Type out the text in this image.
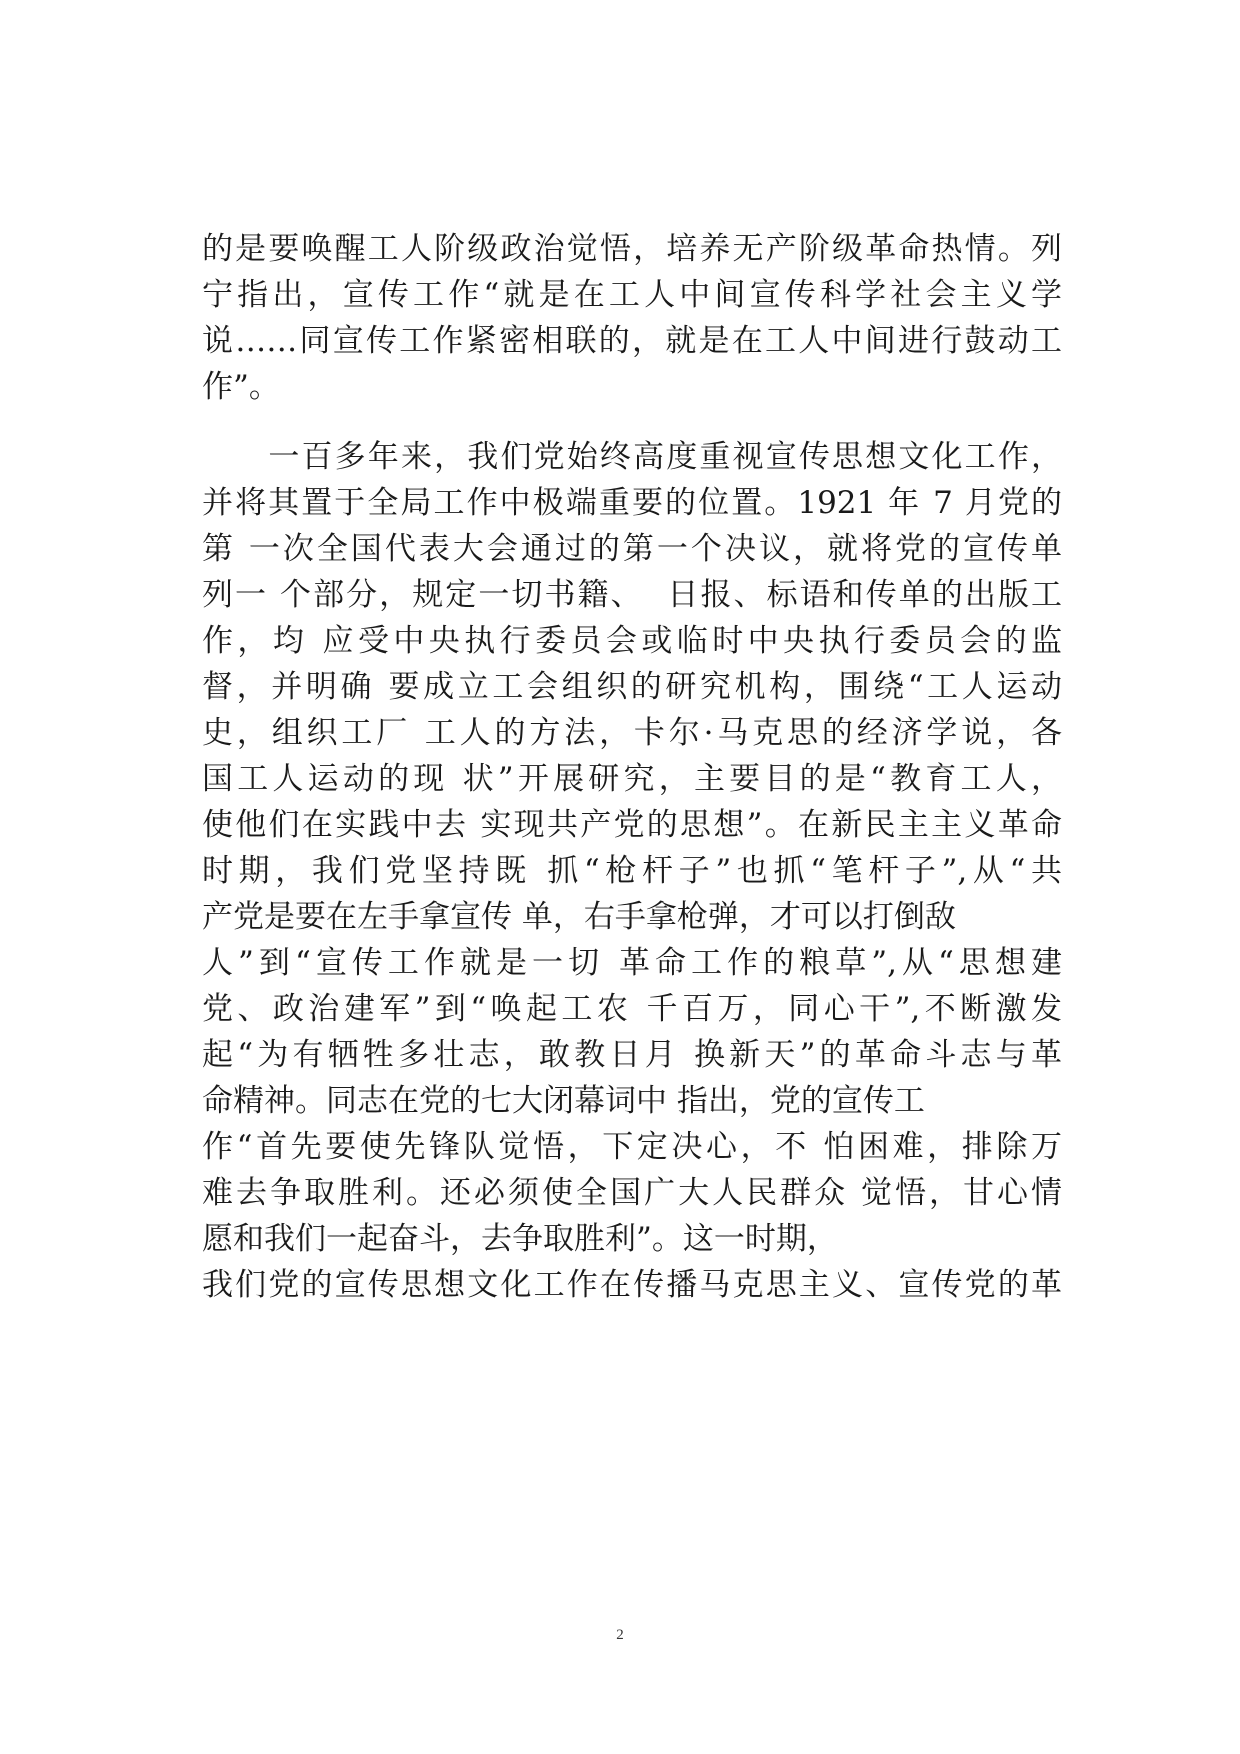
的是要唤醒工人阶级政治觉悟，培养无产阶级革命热情。列
宁指出，宣传工作“就是在工人中间宣传科学社会主义学
说……同宣传工作紧密相联的，就是在工人中间进行鼓动工
作”。
　　一百多年来，我们党始终高度重视宣传思想文化工作，
并将其置于全局工作中极端重要的位置。1921 年 7 月党的
第 一次全国代表大会通过的第一个决议，就将党的宣传单
列一 个部分，规定一切书籍、  日报、标语和传单的出版工
作，均 应受中央执行委员会或临时中央执行委员会的监
督，并明确 要成立工会组织的研究机构，围绕“工人运动
史，组织工厂 工人的方法，卡尔·马克思的经济学说，各
国工人运动的现 状”开展研究，主要目的是“教育工人，
使他们在实践中去 实现共产党的思想”。在新民主主义革命
时期，我们党坚持既 抓“枪杆子”也抓“笔杆子”,从“共
产党是要在左手拿宣传 单，右手拿枪弹，才可以打倒敌
人”到“宣传工作就是一切 革命工作的粮草”,从“思想建
党、政治建军”到“唤起工农 千百万，同心干”,不断激发
起“为有牺牲多壮志，敢教日月 换新天”的革命斗志与革
命精神。同志在党的七大闭幕词中 指出，党的宣传工
作“首先要使先锋队觉悟，下定决心，不 怕困难，排除万
难去争取胜利。还必须使全国广大人民群众 觉悟，甘心情
愿和我们一起奋斗，去争取胜利”。这一时期，
我们党的宣传思想文化工作在传播马克思主义、宣传党的革
2
